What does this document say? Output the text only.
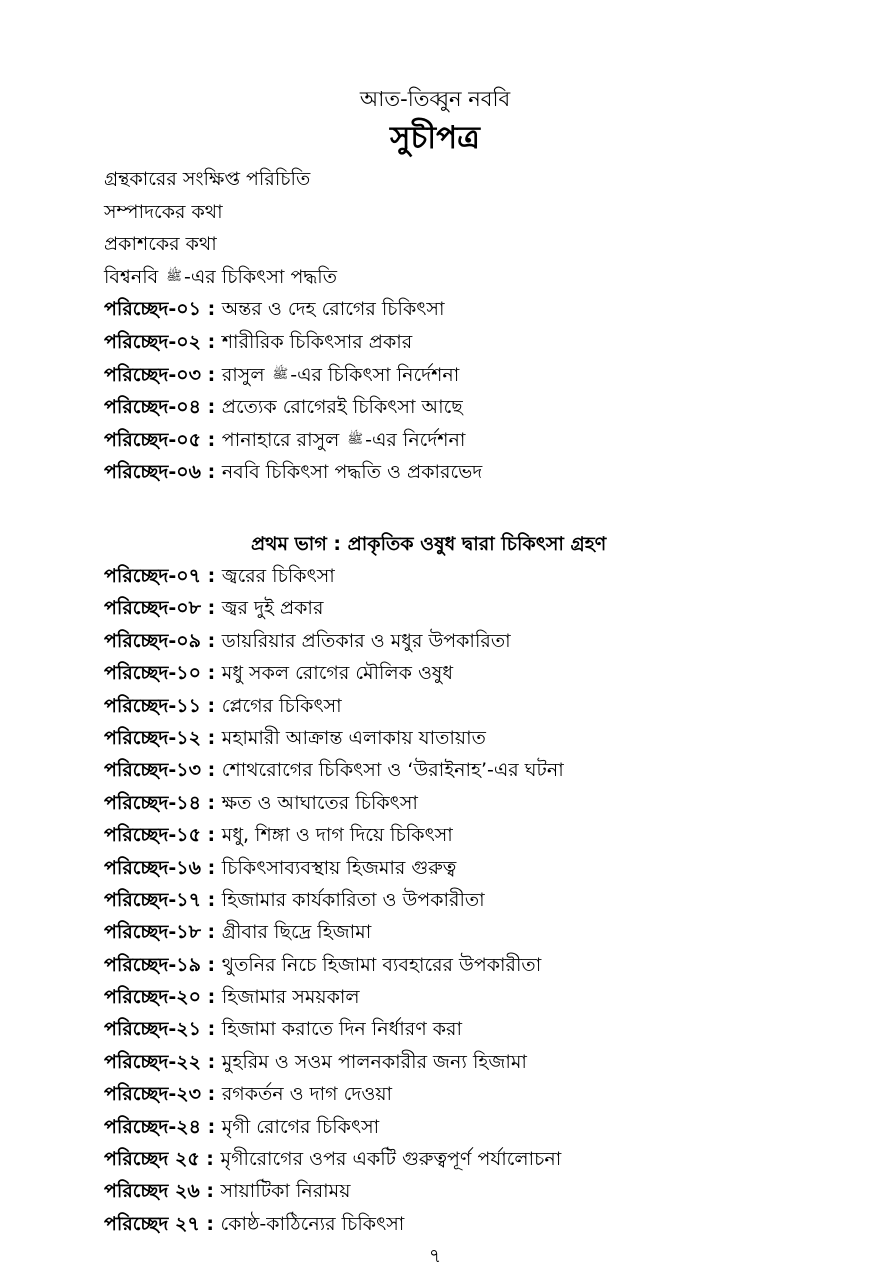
আত-তিব্বুন নববি
সুচীপত্র
গ্রন্থকারের সংক্ষিপ্ত পরিচিতি
সম্পাদকের কথা
প্রকাশকের কথা
বিশ্বনবি ﷺ -এর চিকিৎসা পদ্ধতি
পরিচ্ছেদ-০১ : অন্তর ও দেহ রোগের চিকিৎসা
পরিচ্ছেদ-০২ : শারীরিক চিকিৎসার প্রকার
পরিচ্ছেদ-০৩ : রাসুল ﷺ -এর চিকিৎসা নির্দেশনা
পরিচ্ছেদ-০৪ : প্রত্যেক রোগেরই চিকিৎসা আছে
পরিচ্ছেদ-০৫ : পানাহারে রাসুল ﷺ -এর নির্দেশনা
পরিচ্ছেদ-০৬ : নববি চিকিৎসা পদ্ধতি ও প্রকারভেদ
প্রথম ভাগ : প্রাকৃতিক ওষুধ দ্বারা চিকিৎসা গ্রহণ
পরিচ্ছেদ-০৭ : জ্বরের চিকিৎসা
পরিচ্ছেদ-০৮ : জ্বর দুই প্রকার
পরিচ্ছেদ-০৯ : ডায়রিয়ার প্রতিকার ও মধুর উপকারিতা
পরিচ্ছেদ-১০ : মধু সকল রোগের মৌলিক ওষুধ
পরিচ্ছেদ-১১ : প্লেগের চিকিৎসা
পরিচ্ছেদ-১২ : মহামারী আক্রান্ত এলাকায় যাতায়াত
পরিচ্ছেদ-১৩ : শোথরোগের চিকিৎসা ও ‘উরাইনাহ’-এর ঘটনা
পরিচ্ছেদ-১৪ : ক্ষত ও আঘাতের চিকিৎসা
পরিচ্ছেদ-১৫ : মধু, শিঙ্গা ও দাগ দিয়ে চিকিৎসা
পরিচ্ছেদ-১৬ : চিকিৎসাব্যবস্থায় হিজমার গুরুত্ব
পরিচ্ছেদ-১৭ : হিজামার কার্যকারিতা ও উপকারীতা
পরিচ্ছেদ-১৮ : গ্রীবার ছিদ্রে হিজামা
পরিচ্ছেদ-১৯ : থুতনির নিচে হিজামা ব্যবহারের উপকারীতা
পরিচ্ছেদ-২০ : হিজামার সময়কাল
পরিচ্ছেদ-২১ : হিজামা করাতে দিন নির্ধারণ করা
পরিচ্ছেদ-২২ : মুহরিম ও সওম পালনকারীর জন্য হিজামা
পরিচ্ছেদ-২৩ : রগকর্তন ও দাগ দেওয়া
পরিচ্ছেদ-২৪ : মৃগী রোগের চিকিৎসা
পরিচ্ছেদ ২৫ : মৃগীরোগের ওপর একটি গুরুত্বপূর্ণ পর্যালোচনা
পরিচ্ছেদ ২৬ : সায়াটিকা নিরাময়
পরিচ্ছেদ ২৭ : কোষ্ঠ-কাঠিন্যের চিকিৎসা
৭
